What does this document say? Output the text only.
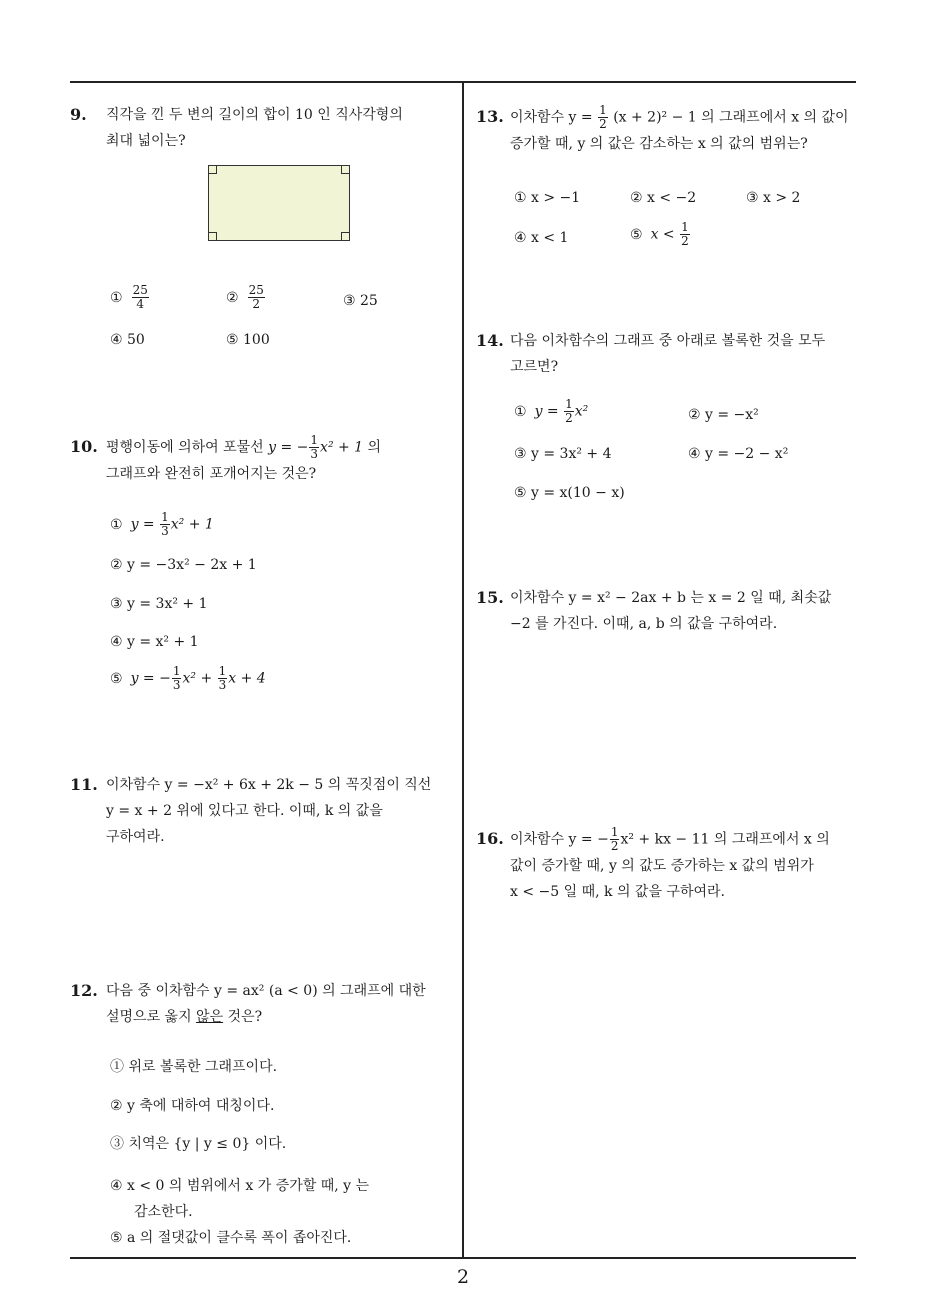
9. 직각을 낀 두 변의 길이의 합이 10 인 직사각형의
최대 넓이는?
① $\frac{25}{4}$	② $\frac{25}{2}$	③ 25
④ 50	⑤ 100
10. 평행이동에 의하여 포물선 y = − $\frac{1}{3} x^2 + 1$ 의
그래프와 완전히 포개어지는 것은?
① $y = \frac{1}{3} x^2 + 1$
② y = −3x² − 2x + 1
③ y = 3x² + 1
④ y = x² + 1
⑤ y = − $\frac{1}{3} x^2 + \frac{1}{3}$ x + 4
11. 이차함수 y = −x² + 6x + 2k − 5 의 꼭짓점이 직선
y = x + 2 위에 있다고 한다. 이때, k 의 값을
구하여라.
12. 다음 중 이차함수 y = ax² (a < 0) 의 그래프에 대한
설명으로 옳지 않은 것은?
① 위로 볼록한 그래프이다.
② y 축에 대하여 대칭이다.
③ 치역은 {y | y ≤ 0} 이다.
④ x < 0 의 범위에서 x 가 증가할 때, y 는
감소한다.
⑤ a 의 절댓값이 클수록 폭이 좁아진다.
13. 이차함수 $y = \frac{1}{2} (x + 2)^2 - 1$ 의 그래프에서 x 의 값이
증가할 때, y 의 값은 감소하는 x 의 값의 범위는?
① x > −1	② x < −2	③ x > 2
④ x < 1	⑤ $x < \frac{1}{2}$
14. 다음 이차함수의 그래프 중 아래로 볼록한 것을 모두
고르면?
① $y = \frac{1}{2} x^2$	② y = −x²
③ y = 3x² + 4	④ y = −2 − x²
⑤ y = x(10 − x)
15. 이차함수 y = x² − 2ax + b 는 x = 2 일 때, 최솟값
−2 를 가진다. 이때, a, b 의 값을 구하여라.
16. 이차함수 y = − $\frac{1}{2} x^2$ + kx − 11 의 그래프에서 x 의
값이 증가할 때, y 의 값도 증가하는 x 값의 범위가
x < −5 일 때, k 의 값을 구하여라.
2
